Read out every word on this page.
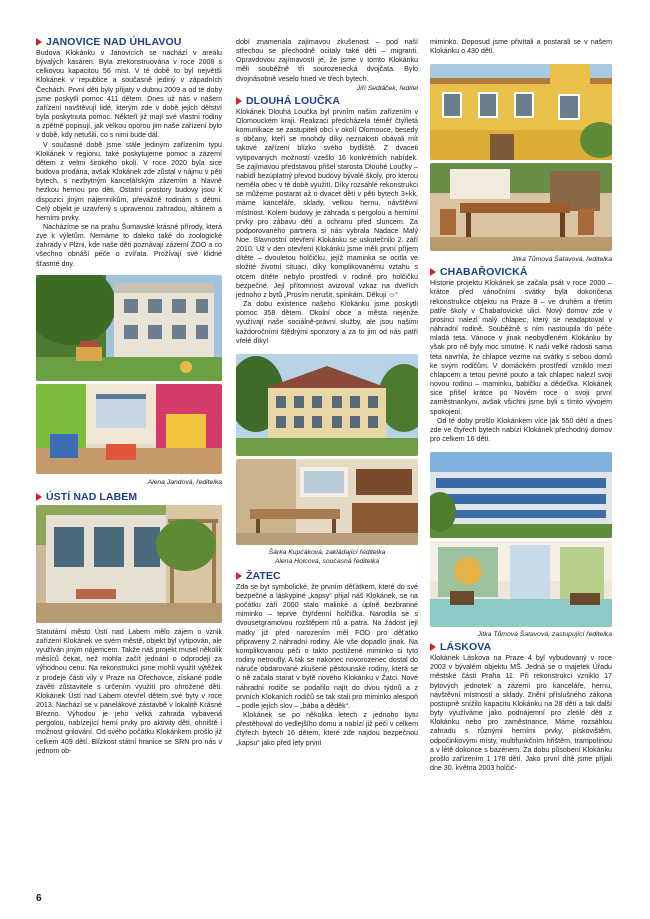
JANOVICE NAD ÚHLAVOU

Budova Klokánku v Janovicích se nachází v areálu bývalých kasáren. Byla zrekonstruována v roce 2008 s celkovou kapacitou 56 míst. V té době to byl největší Klokánek v republice a současně jediný v západních Čechách. První děti byly přijaty v dubnu 2009 a od té doby jsme poskytli pomoc 411 dětem. Dnes už nás v našem zařízení navštěvují lidé, kterým zde v době jejich dětství byla poskytnuta pomoc. Někteří již mají své vlastní rodiny a zpětně popisují, jak velkou oporou jim naše zařízení bylo v době, kdy netušili, co s nimi bude dál.

V současné době jsme stále jediným zařízením typu Klokánek v regionu, také poskytujeme pomoc a zázemí dětem z velmi širokého okolí. V roce 2020 byla sice budova prodána, avšak Klokánek zde zůstal v nájmu v pěti bytech, s nezbytným kancelářským zázemím a hlavně hezkou hernou pro děti. Ostatní prostory budovy jsou k dispozici jiným nájemníkům, převážně rodinám s dětmi. Celý objekt je uzavřený s upravenou zahradou, altánem a herními prvky.

Nacházíme se na prahu Šumavské krásné přírody, která zve k výletům. Nemáme to daleko také do zoologické zahrady v Plzni, kde naše děti poznávají zázemí ZOO a co všechno obnáší péče o zvířata. Prožívají své klidné šťastné dny.

Alena Jandová, ředitelka

ÚSTÍ NAD LABEM

Statutární město Ústí nad Labem mělo zájem o vznik zařízení Klokánek ve svém městě, objekt byl vytipován, ale využíván jiným nájemcem. Takže náš projekt musel několik měsíců čekat, než mohla začít jednání o odprodeji za výhodnou cenu. Na rekonstrukci jsme mohli využít výtěžek z prodeje části vily v Praze na Ořechovce, získané podle závěti zůstavitele s určením využití pro ohrožené děti. Klokánek Ústí nad Labem otevřel dětem své byty v roce 2013. Nachází se v panelákové zástavbě v lokalitě Krásné Březno. Výhodou je jeho velká zahrada vybavená pergolou, nabízející herní prvky pro aktivity dětí, ohniště i možnost grilování. Od svého počátku Klokánkem prošlo již celkem 409 dětí. Blízkost státní hranice se SRN pro nás v jednom ob-

dobí znamenala zajímavou zkušenost – pod naší střechou se přechodně ocitaly také děti – migranti. Opravdovou zajímavostí je, že jsme v tomto Klokánku měli souběžně tři sourozenecká dvojčata. Bylo dvojnásobně veselo hned ve třech bytech.

Jiří Sedláček, ředitel

DLOUHÁ LOUČKA

Klokánek Dlouhá Loučka byl prvním naším zařízením v Olomouckém kraji. Realizaci předcházela téměř čtyřletá komunikace se zastupiteli obcí v okolí Olomouce, besedy s občany, kteří se mnohdy díky neznalosti obávali mít takové zařízení blízko svého bydliště. Z dvaceti vytipovaných možností vzešlo 16 konkrétních nabídek. Se zajímavou představou přišel starosta Dlouhé Loučky – nabídl bezúplatný převod budovy bývalé školy, pro kterou neměla obec v té době využití. Díky rozsáhlé rekonstrukci se můžeme postarat až o dvacet dětí v pěti bytech 3+kk, máme kanceláře, sklady, velkou hernu, návštěvní místnost. Kolem budovy je zahrada s pergolou a herními prvky pro zábavu dětí a ochranu před sluncem. Za podporovaného partnera si nás vybrala Nadace Malý Noe. Slavnostní otevření Klokánku se uskutečnilo 2. září 2010. Už v den otevření Klokánku jsme měli první příjem dítěte – dvouletou holčičku, jejíž maminka se ocitla ve složité životní situaci, díky komplikovanému vztahu s otcem dítěte nebylo prostředí v rodině pro holčičku bezpečné. Její přítomnost avizoval vzkaz na dveřích jednoho z bytů „Prosím nerušit, spinkám. Děkuji ☺“

Za dobu existence našeho Klokánku jsme poskytli pomoc 358 dětem. Okolní obce a města nejenže využívají naše sociálně-právní služby, ale jsou našimi každoročními štědrými sponzory a za to jim od nás patří vřelé díky!

Šárka Kupčáková, zakládající ředitelka

Alena Holcová, současná ředitelka

ŽATEC

Zda se byt symbolické, že prvním děťátkem, které do své bezpečné a láskyplné „kapsy“ přijal náš Klokánek, se na počátku září 2000 stalo malinké a úplně bezbranné miminko – teprve čtyřdenní holčička. Narodila se s dvousetgramovou rozštěpem rtů a patra. Na žádost její matky již před narozením měl FOD pro děťátko připraveny 2 náhradní rodiny. Ale vše dopadlo jinak. Na komplikovanou péči o takto postižené miminko si tyto rodiny netroufly. A tak se nakonec novorozenec dostal do náruče obdarované zkušené pěstounské rodiny, která se o ně začala starat v bytě nového Klokánku v Žatci. Nové náhradní rodiče se podařilo najít do dvou týdnů a z prvních Klokaních rodičů se tak stali pro miminko alespoň – podle jejích slov – „bába a děděk“.

Klokánek se po několika letech z jednoho bytu přestěhoval do vedlejšího domu a nabízí již péči v celkem čtyřech bytech 16 dětem, které zde najdou bezpečnou „kapsu“ jako před lety první

miminko. Doposud jsme přivítali a postarali se v našem Klokánku o 430 dětí.

Jitka Tůmová Šatavová, ředitelka

CHABAŘOVICKÁ

Historie projektu Klokánek se začala psát v roce 2000 – krátce před vánočními svátky byla dokončena rekonstrukce objektu na Praze 8 – ve druhém a třetím patře školy v Chabařovické ulici. Nový domov zde v prosinci nalezl malý chlapec, který se neadaptoval v náhradní rodině. Souběžně s ním nastoupila do péče mladá teta. Vánoce v jinak neobydleném Klokánku by však pro ně byly moc smutné. K naší velké radosti sama teta navrhla, že chlapce vezme na svátky s sebou domů ke svým rodičům. V domáckém prostředí vzniklo mezi chlapcem a tetou pevné pouto a tak chlapec nalezl svoji novou rodinu – maminku, babičku a dědečka. Klokánek sice přišel krátce po Novém roce o svoji první zaměstnankyni, avšak všichni jsme byli s tímto vývojem spokojeni.

Od té doby prošlo Klokánkem více jak 550 dětí a dnes zde ve čtyřech bytech nabízí Klokánek přechodný domov pro celkem 16 dětí.

Jitka Tůmová Šatavová, zastupující ředitelka

LÁSKOVA

Klokánek Láskova na Praze 4 byl vybudovaný v roce 2003 v bývalém objektu MŠ. Jedná se o majetek Úřadu městské části Praha 11. Při rekonstrukci vzniklo 17 bytových jednotek a zázemí pro kanceláře, hernu, návštěvní místnosti a sklady. Znění příslušného zákona postupně snížilo kapacitu Klokánku na 28 dětí a tak další byty využíváme jako podnájemní pro zletilé děti z Klokánku nebo pro zaměstnance. Máme rozsáhlou zahradu s různými herními prvky, pískovištěm, odpočinkovými místy, multifunkčním hřištěm, trampolínou a v létě dokonce s bazénem. Za dobu působení Klokánku prošlo zařízením 1 178 dětí. Jako první dítě jsme přijali dne 30. května 2003 holčič-

6
